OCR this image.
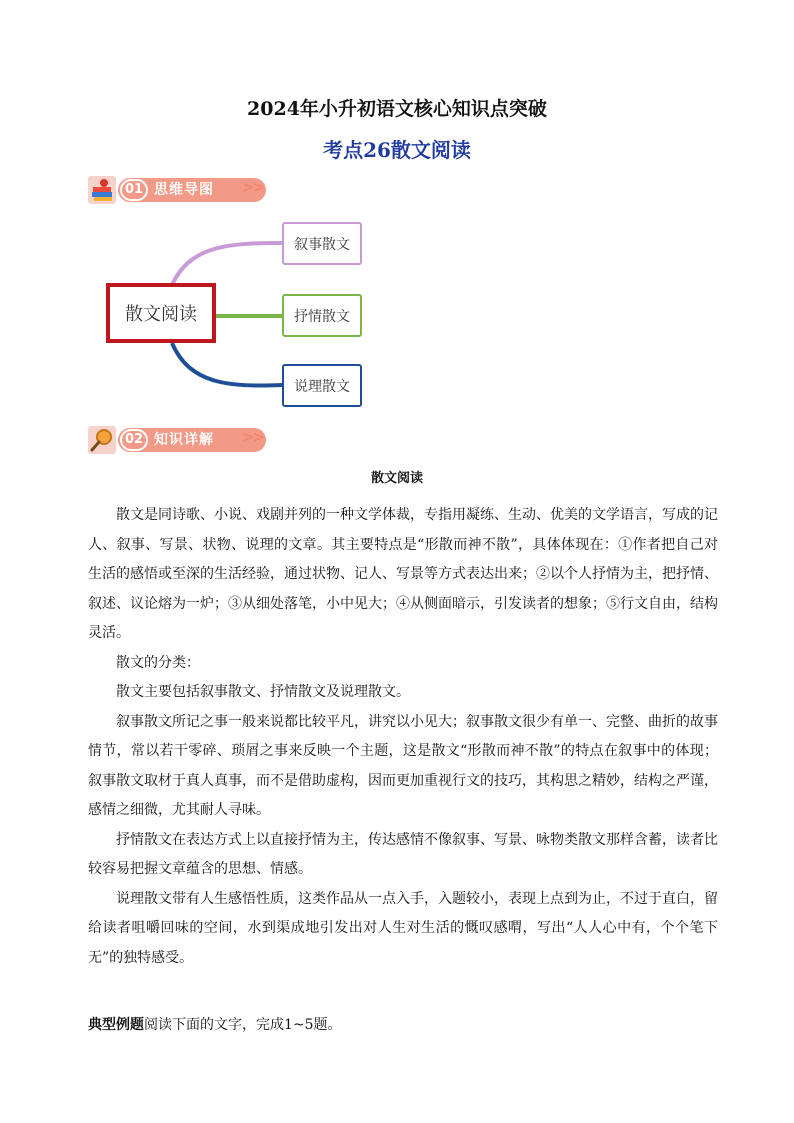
2024年小升初语文核心知识点突破
考点26散文阅读
01 思维导图 >>
散文阅读
叙事散文
抒情散文
说理散文
02 知识详解 >>
散文阅读

散文是同诗歌、小说、戏剧并列的一种文学体裁，专指用凝练、生动、优美的文学语言，写成的记人、叙事、写景、状物、说理的文章。其主要特点是“形散而神不散”，具体体现在：①作者把自己对生活的感悟或至深的生活经验，通过状物、记人、写景等方式表达出来；②以个人抒情为主，把抒情、叙述、议论熔为一炉；③从细处落笔，小中见大；④从侧面暗示，引发读者的想象；⑤行文自由，结构灵活。

散文的分类：

散文主要包括叙事散文、抒情散文及说理散文。

叙事散文所记之事一般来说都比较平凡，讲究以小见大；叙事散文很少有单一、完整、曲折的故事情节，常以若干零碎、琐屑之事来反映一个主题，这是散文“形散而神不散”的特点在叙事中的体现；叙事散文取材于真人真事，而不是借助虚构，因而更加重视行文的技巧，其构思之精妙，结构之严谨，感情之细微，尤其耐人寻味。

抒情散文在表达方式上以直接抒情为主，传达感情不像叙事、写景、咏物类散文那样含蓄，读者比较容易把握文章蕴含的思想、情感。

说理散文带有人生感悟性质，这类作品从一点入手，入题较小，表现上点到为止，不过于直白，留给读者咀嚼回味的空间，水到渠成地引发出对人生对生活的慨叹感喟，写出“人人心中有，个个笔下无”的独特感受。

典型例题阅读下面的文字，完成1~5题。
